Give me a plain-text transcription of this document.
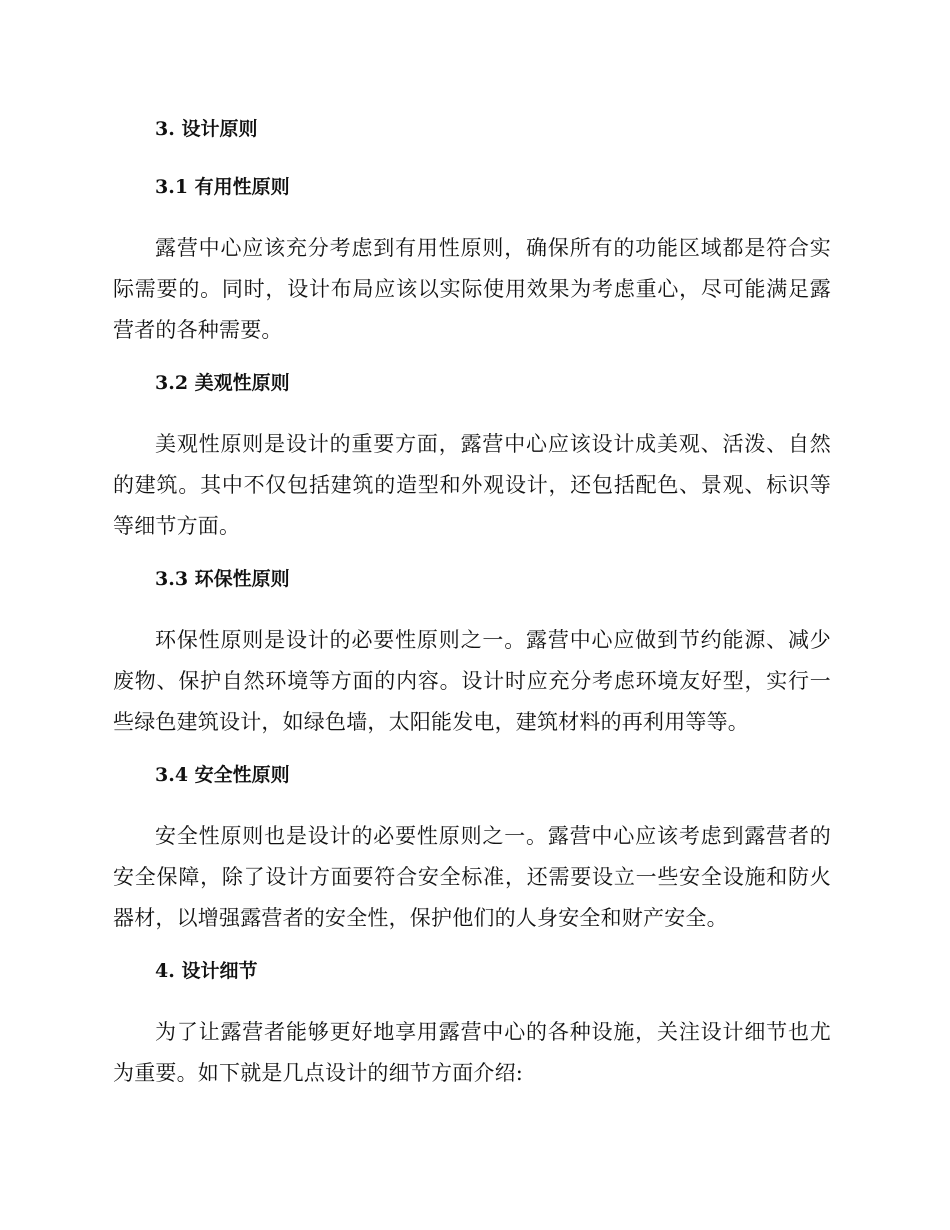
3. 设计原则
3.1 有用性原则

露营中心应该充分考虑到有用性原则，确保所有的功能区域都是符合实际需要的。同时，设计布局应该以实际使用效果为考虑重心，尽可能满足露营者的各种需要。

3.2 美观性原则

美观性原则是设计的重要方面，露营中心应该设计成美观、活泼、自然的建筑。其中不仅包括建筑的造型和外观设计，还包括配色、景观、标识等等细节方面。

3.3 环保性原则

环保性原则是设计的必要性原则之一。露营中心应做到节约能源、减少废物、保护自然环境等方面的内容。设计时应充分考虑环境友好型，实行一些绿色建筑设计，如绿色墙，太阳能发电，建筑材料的再利用等等。

3.4 安全性原则

安全性原则也是设计的必要性原则之一。露营中心应该考虑到露营者的安全保障，除了设计方面要符合安全标准，还需要设立一些安全设施和防火器材，以增强露营者的安全性，保护他们的人身安全和财产安全。

4. 设计细节

为了让露营者能够更好地享用露营中心的各种设施，关注设计细节也尤为重要。如下就是几点设计的细节方面介绍:
